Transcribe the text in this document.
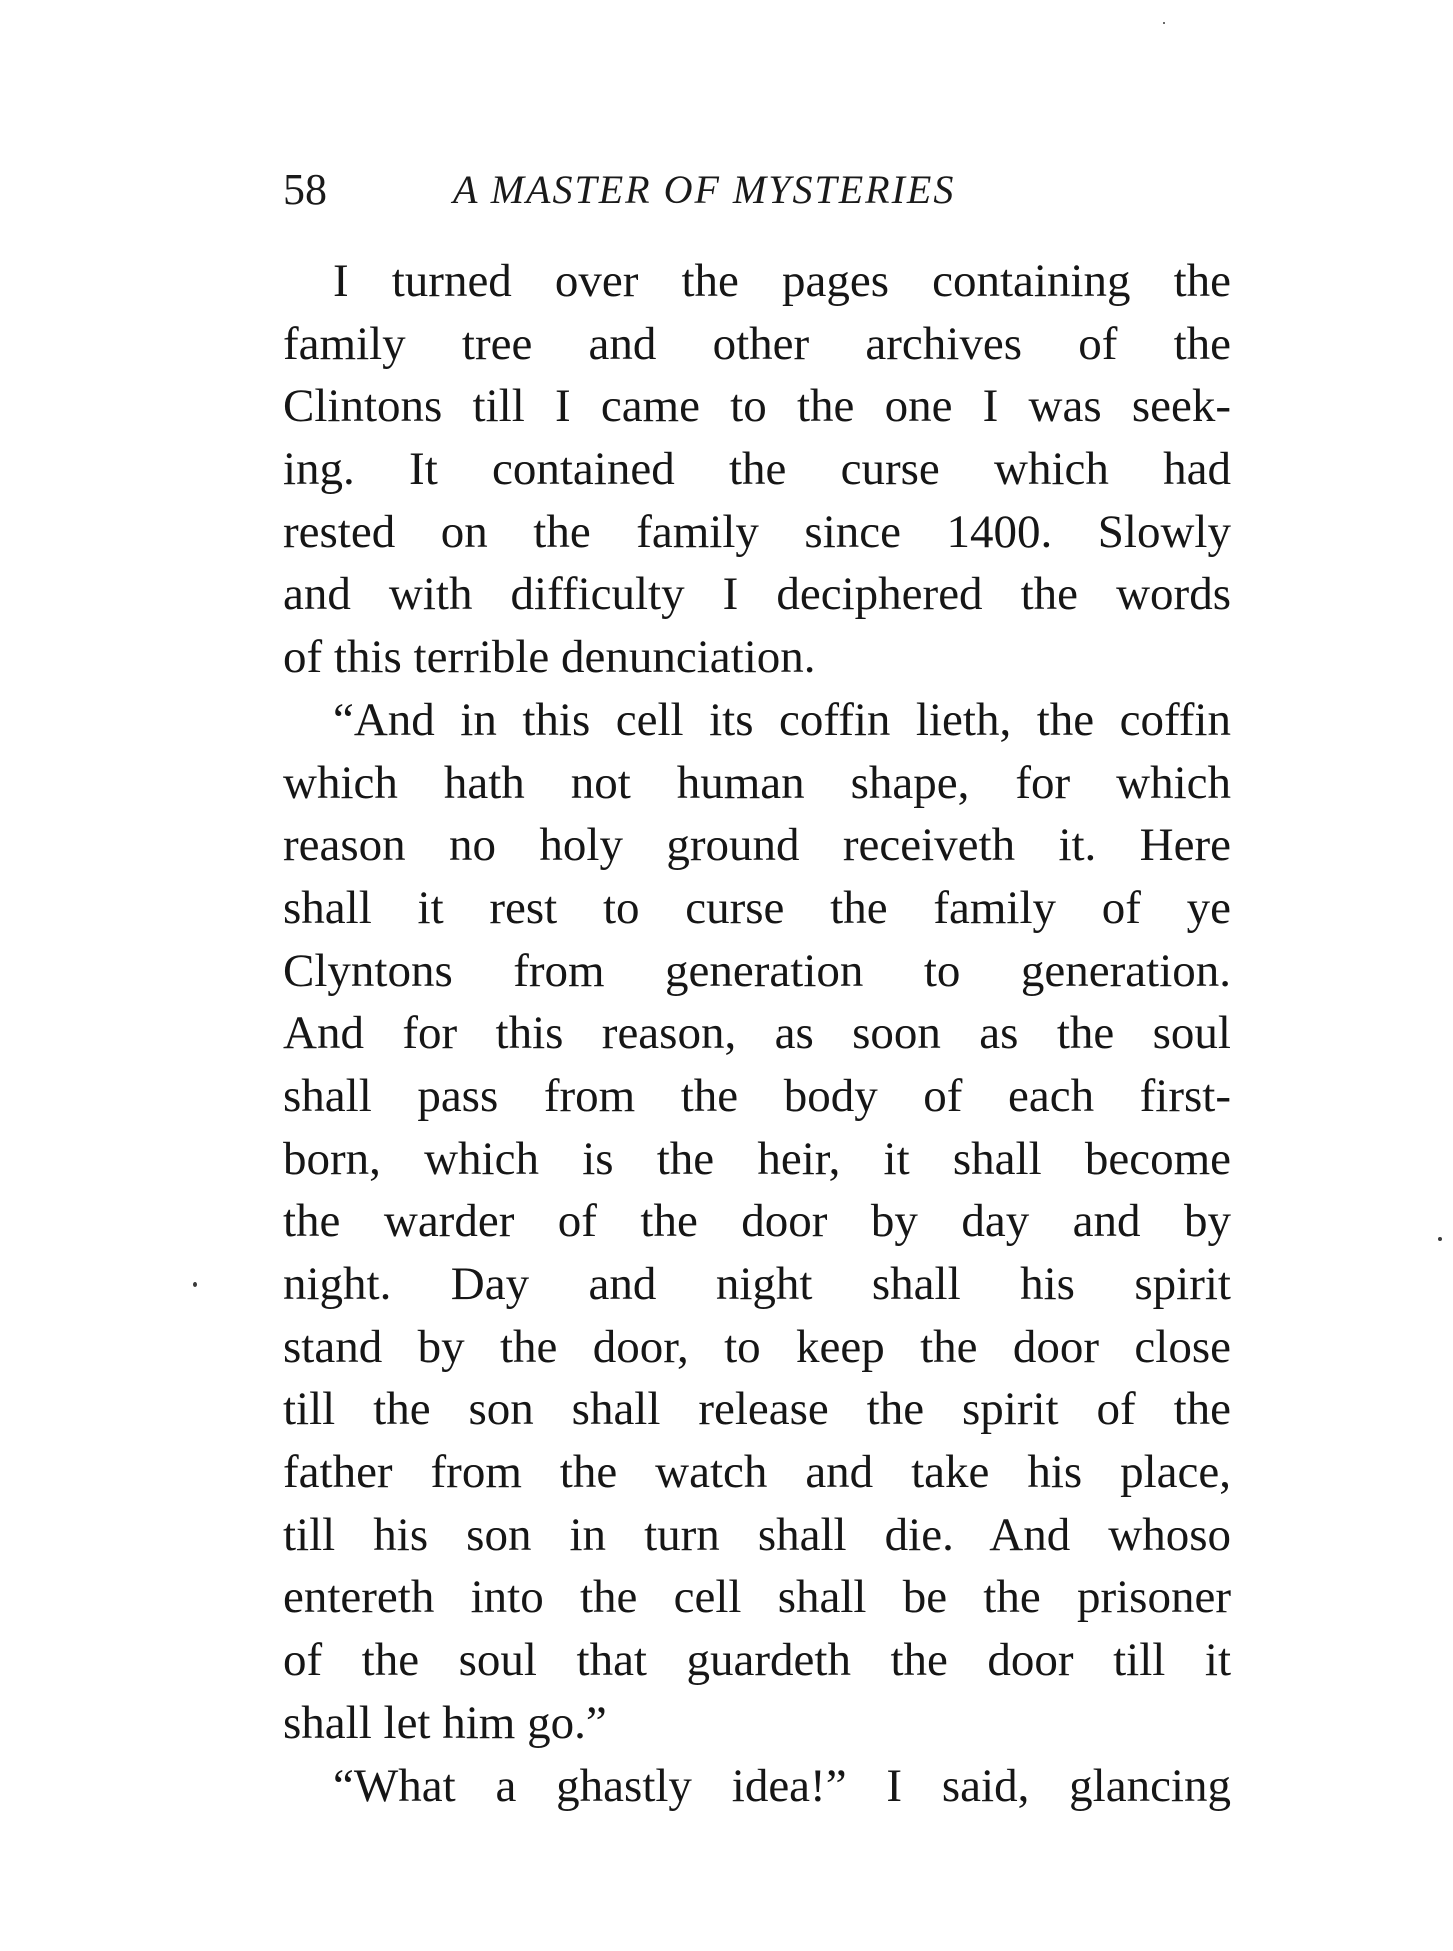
58	A MASTER OF MYSTERIES
I turned over the pages containing the
family tree and other archives of the
Clintons till I came to the one I was seek-
ing. It contained the curse which had
rested on the family since 1400. Slowly
and with difficulty I deciphered the words
of this terrible denunciation.
“And in this cell its coffin lieth, the coffin
which hath not human shape, for which
reason no holy ground receiveth it. Here
shall it rest to curse the family of ye
Clyntons from generation to generation.
And for this reason, as soon as the soul
shall pass from the body of each first-
born, which is the heir, it shall become
the warder of the door by day and by
night. Day and night shall his spirit
stand by the door, to keep the door close
till the son shall release the spirit of the
father from the watch and take his place,
till his son in turn shall die. And whoso
entereth into the cell shall be the prisoner
of the soul that guardeth the door till it
shall let him go.”
“What a ghastly idea!” I said, glancing
